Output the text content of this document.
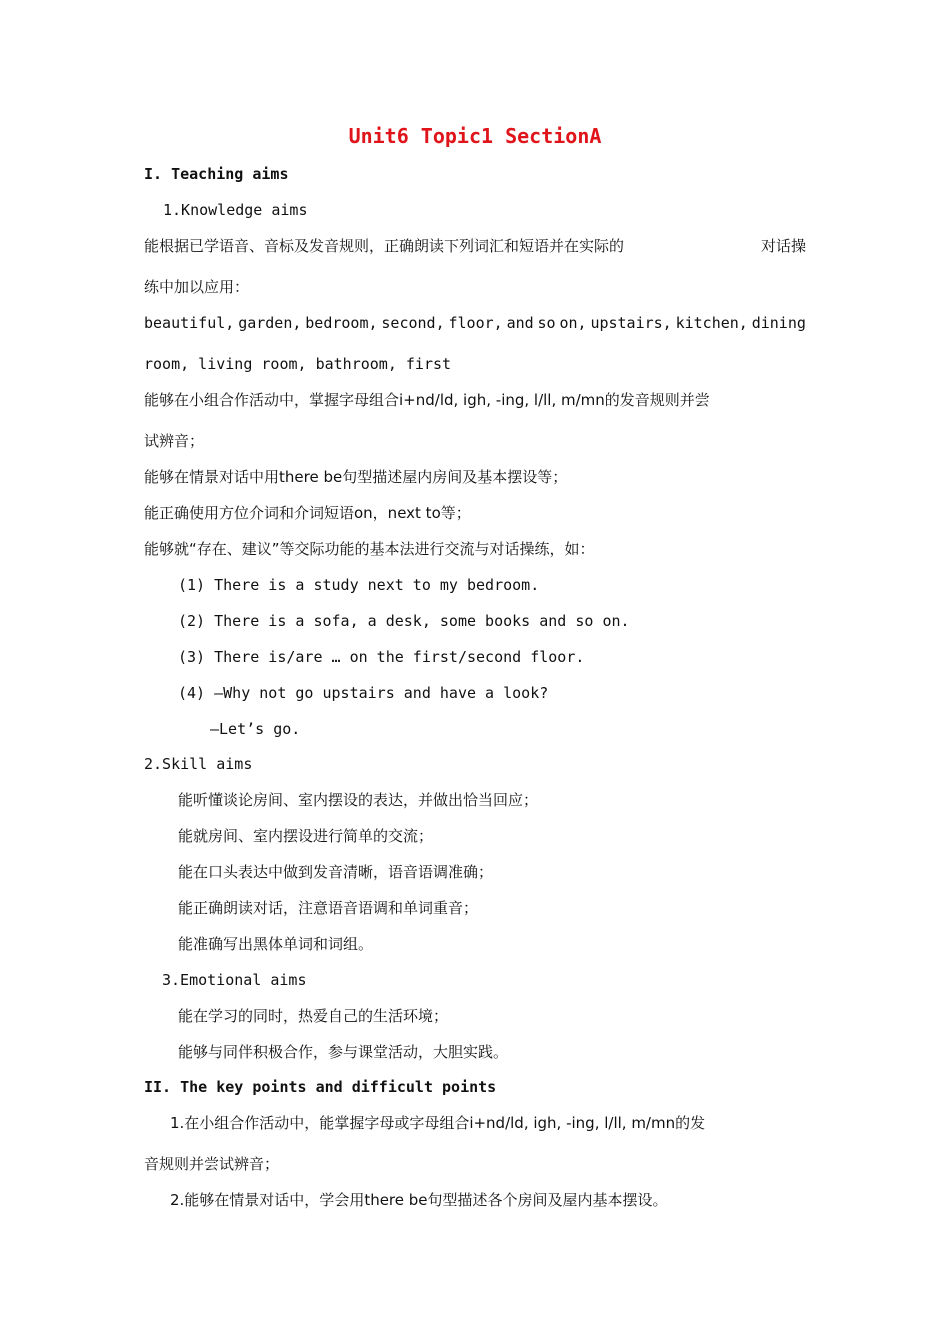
Unit6 Topic1 SectionA
I. Teaching aims
1.Knowledge aims
能根据已学语音、音标及发音规则，正确朗读下列词汇和短语并在实际的	对话操
练中加以应用：
beautiful, garden, bedroom, second, floor, and so on, upstairs, kitchen, dining
room, living room, bathroom, first
能够在小组合作活动中，掌握字母组合i+nd/ld, igh, -ing, l/ll, m/mn的发音规则并尝
试辨音；
能够在情景对话中用there be句型描述屋内房间及基本摆设等；
能正确使用方位介词和介词短语on，next to等；
能够就“存在、建议”等交际功能的基本法进行交流与对话操练，如：
(1) There is a study next to my bedroom.
(2) There is a sofa, a desk, some books and so on.
(3) There is/are … on the first/second floor.
(4) —Why not go upstairs and have a look?
—Let’s go.
2.Skill aims
能听懂谈论房间、室内摆设的表达，并做出恰当回应；
能就房间、室内摆设进行简单的交流；
能在口头表达中做到发音清晰，语音语调准确；
能正确朗读对话，注意语音语调和单词重音；
能准确写出黑体单词和词组。
3.Emotional aims
能在学习的同时，热爱自己的生活环境；
能够与同伴积极合作，参与课堂活动，大胆实践。
II. The key points and difficult points
1.在小组合作活动中，能掌握字母或字母组合i+nd/ld, igh, -ing, l/ll, m/mn的发
音规则并尝试辨音；
2.能够在情景对话中，学会用there be句型描述各个房间及屋内基本摆设。
